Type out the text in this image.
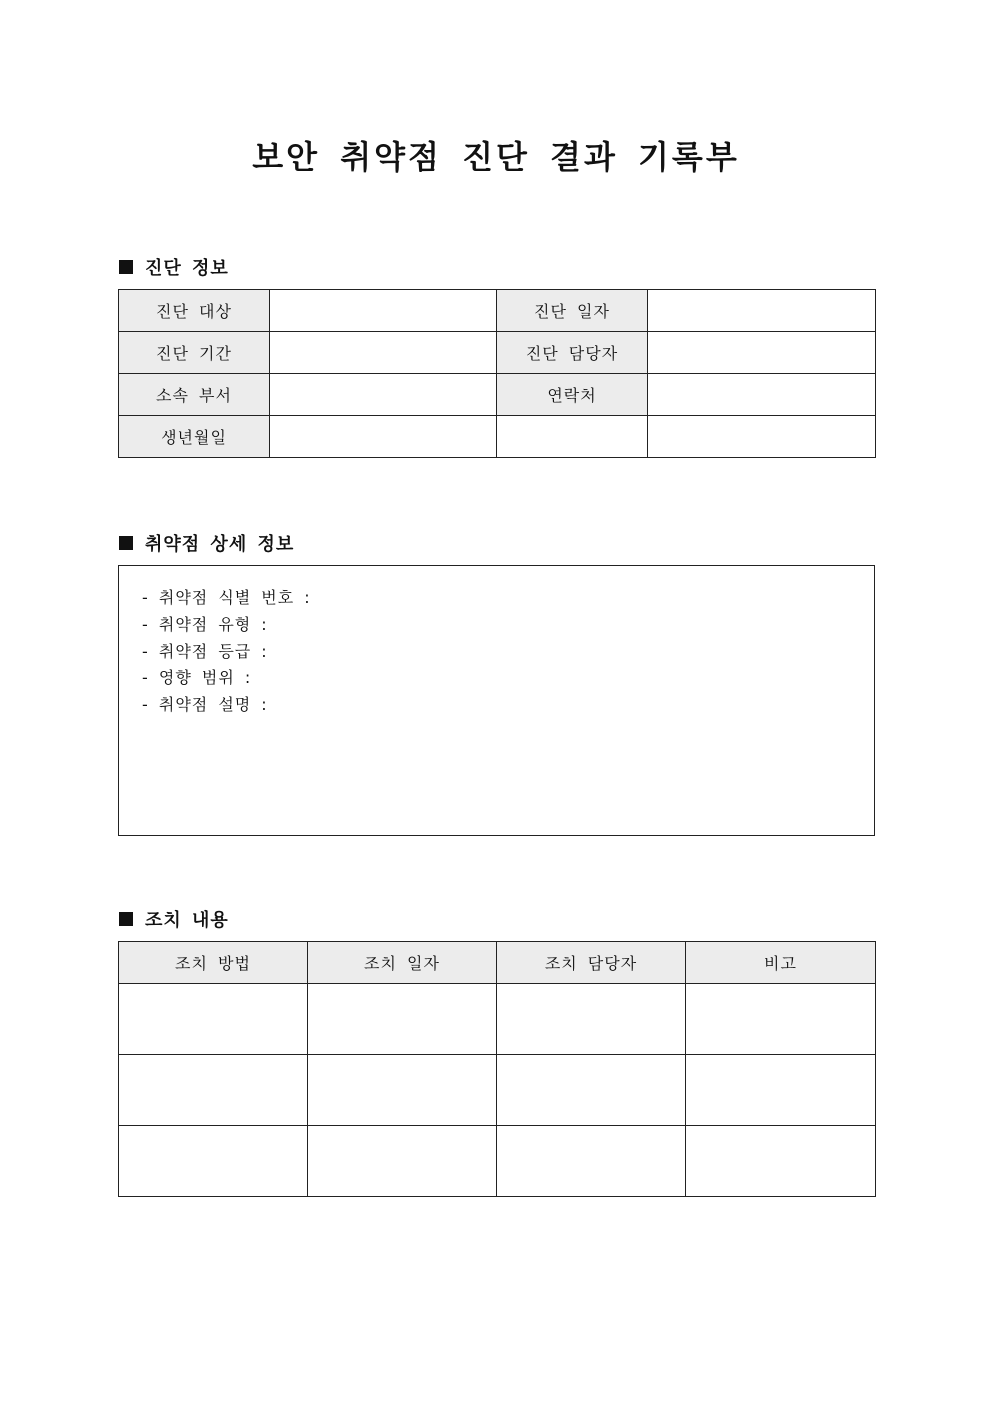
보안 취약점 진단 결과 기록부
진단 정보
진단 대상		진단 일자	
진단 기간		진단 담당자	
소속 부서		연락처	
생년월일			
취약점 상세 정보
- 취약점 식별 번호 :
- 취약점 유형 :
- 취약점 등급 :
- 영향 범위 :
- 취약점 설명 :
조치 내용
조치 방법	조치 일자	조치 담당자	비고
